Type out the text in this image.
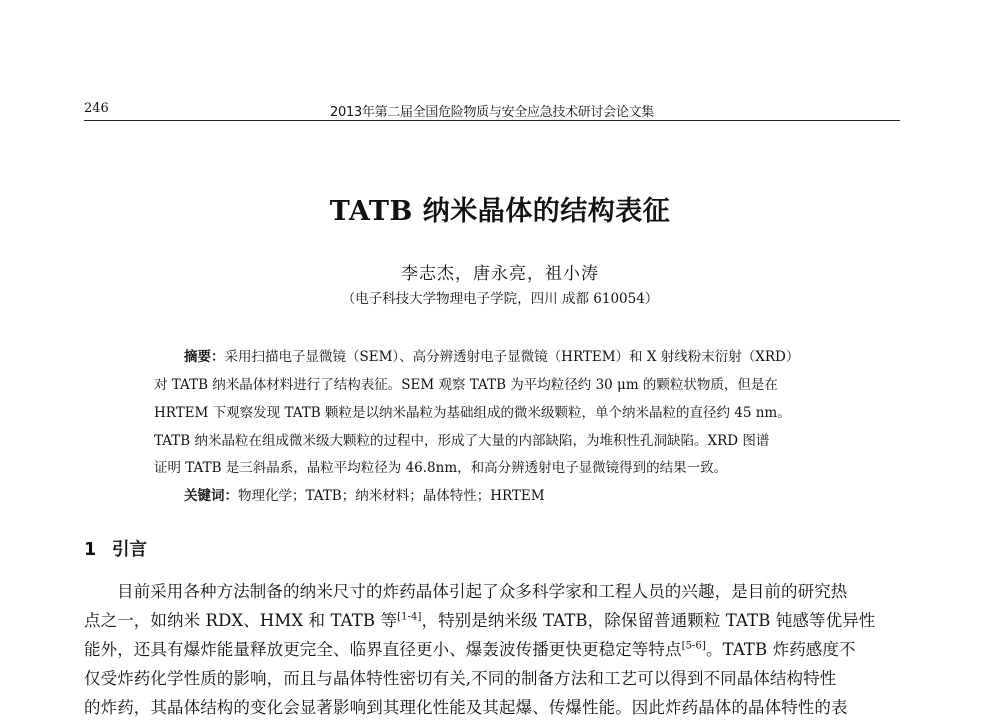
246	2013年第二届全国危险物质与安全应急技术研讨会论文集
TATB 纳米晶体的结构表征
李志杰，唐永亮，祖小涛
（电子科技大学物理电子学院，四川 成都 610054）
摘要：采用扫描电子显微镜（SEM）、高分辨透射电子显微镜（HRTEM）和 X 射线粉末衍射（XRD）
对 TATB 纳米晶体材料进行了结构表征。SEM 观察 TATB 为平均粒径约 30 μm 的颗粒状物质，但是在
HRTEM 下观察发现 TATB 颗粒是以纳米晶粒为基础组成的微米级颗粒，单个纳米晶粒的直径约 45 nm。
TATB 纳米晶粒在组成微米级大颗粒的过程中，形成了大量的内部缺陷，为堆积性孔洞缺陷。XRD 图谱
证明 TATB 是三斜晶系，晶粒平均粒径为 46.8nm，和高分辨透射电子显微镜得到的结果一致。
关键词：物理化学；TATB；纳米材料；晶体特性；HRTEM
1 引言
目前采用各种方法制备的纳米尺寸的炸药晶体引起了众多科学家和工程人员的兴趣，是目前的研究热
点之一，如纳米 RDX、HMX 和 TATB 等[1-4]，特别是纳米级 TATB，除保留普通颗粒 TATB 钝感等优异性
能外，还具有爆炸能量释放更完全、临界直径更小、爆轰波传播更快更稳定等特点[5-6]。TATB 炸药感度不
仅受炸药化学性质的影响，而且与晶体特性密切有关,不同的制备方法和工艺可以得到不同晶体结构特性
的炸药，其晶体结构的变化会显著影响到其理化性能及其起爆、传爆性能。因此炸药晶体的晶体特性的表
